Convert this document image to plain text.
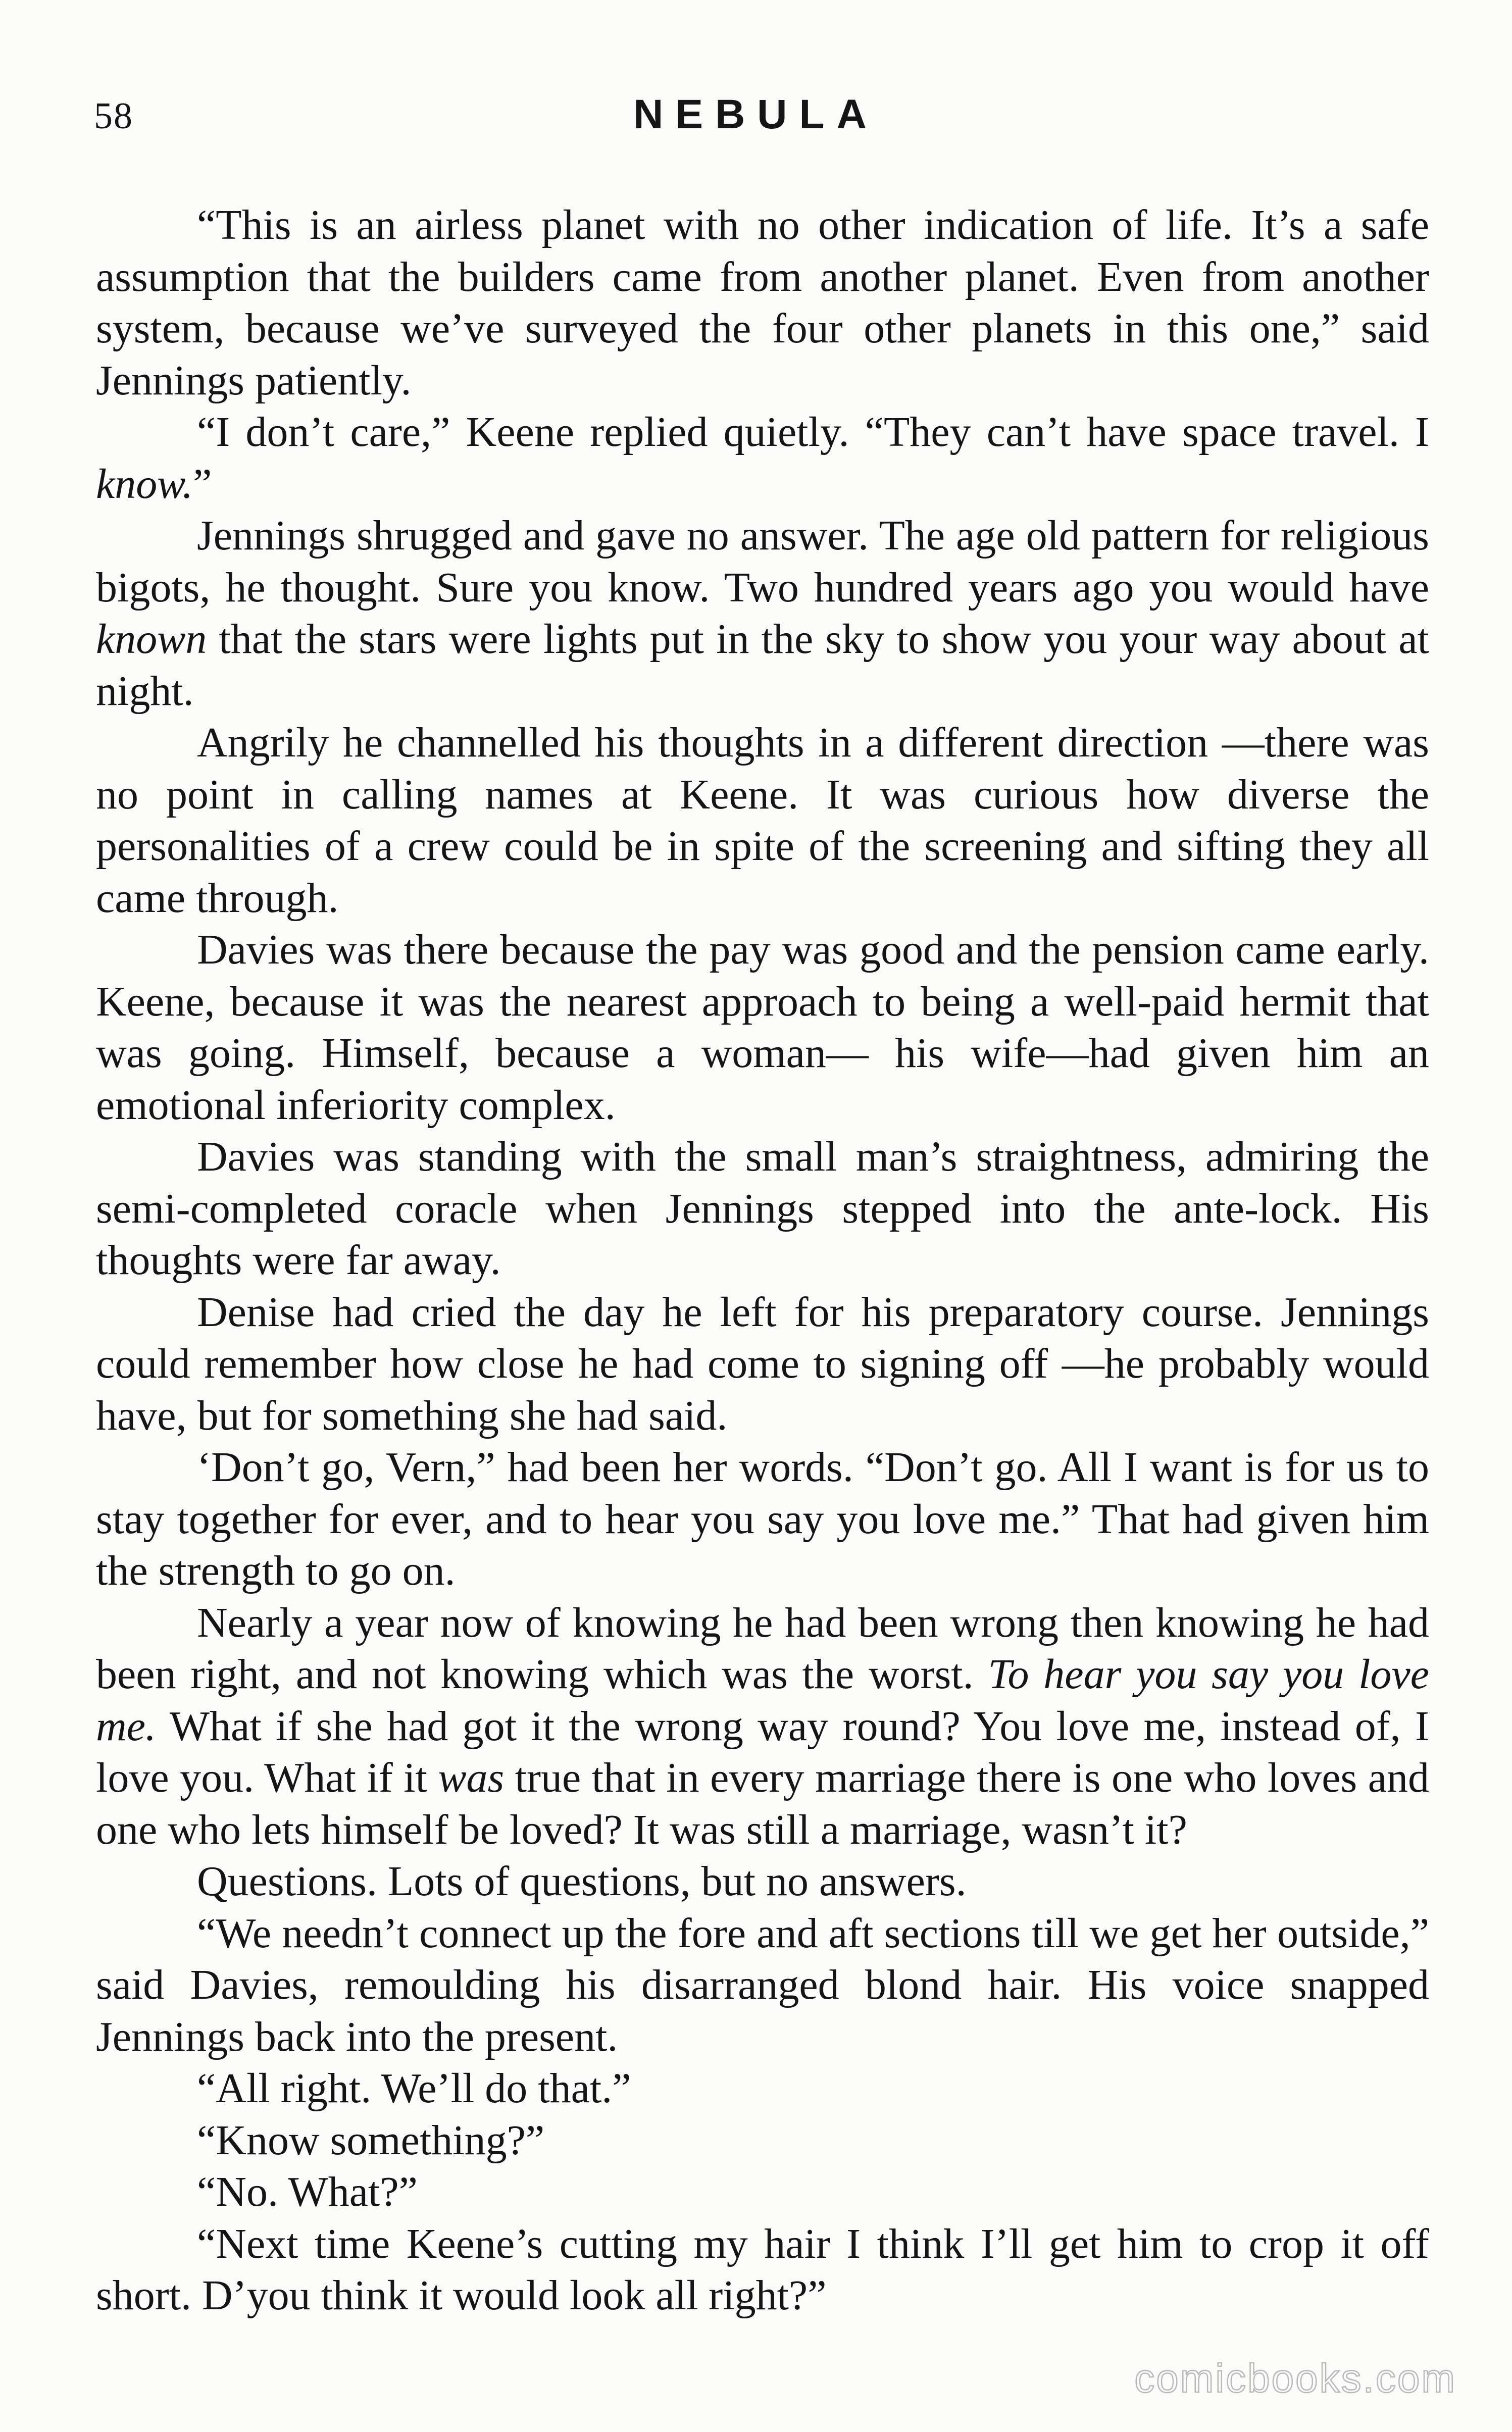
58	NEBULA

“This is an airless planet with no other indication of life. It’s a safe assumption that the builders came from another planet. Even from another system, because we’ve surveyed the four other planets in this one,” said Jennings patiently.

“I don’t care,” Keene replied quietly. “They can’t have space travel. I know.”

Jennings shrugged and gave no answer. The age old pattern for religious bigots, he thought. Sure you know. Two hundred years ago you would have known that the stars were lights put in the sky to show you your way about at night.

Angrily he channelled his thoughts in a different direction —there was no point in calling names at Keene. It was curious how diverse the personalities of a crew could be in spite of the screening and sifting they all came through.

Davies was there because the pay was good and the pension came early. Keene, because it was the nearest approach to being a well-paid hermit that was going. Himself, because a woman— his wife—had given him an emotional inferiority complex.

Davies was standing with the small man’s straightness, admiring the semi-completed coracle when Jennings stepped into the ante-lock. His thoughts were far away.

Denise had cried the day he left for his preparatory course. Jennings could remember how close he had come to signing off —he probably would have, but for something she had said.

‘Don’t go, Vern,” had been her words. “Don’t go. All I want is for us to stay together for ever, and to hear you say you love me.” That had given him the strength to go on.

Nearly a year now of knowing he had been wrong then knowing he had been right, and not knowing which was the worst. To hear you say you love me. What if she had got it the wrong way round? You love me, instead of, I love you. What if it was true that in every marriage there is one who loves and one who lets himself be loved? It was still a marriage, wasn’t it?

Questions. Lots of questions, but no answers.

“We needn’t connect up the fore and aft sections till we get her outside,” said Davies, remoulding his disarranged blond hair. His voice snapped Jennings back into the present.

“All right. We’ll do that.”

“Know something?”

“No. What?”

“Next time Keene’s cutting my hair I think I’ll get him to crop it off short. D’you think it would look all right?”

comicbooks.com
